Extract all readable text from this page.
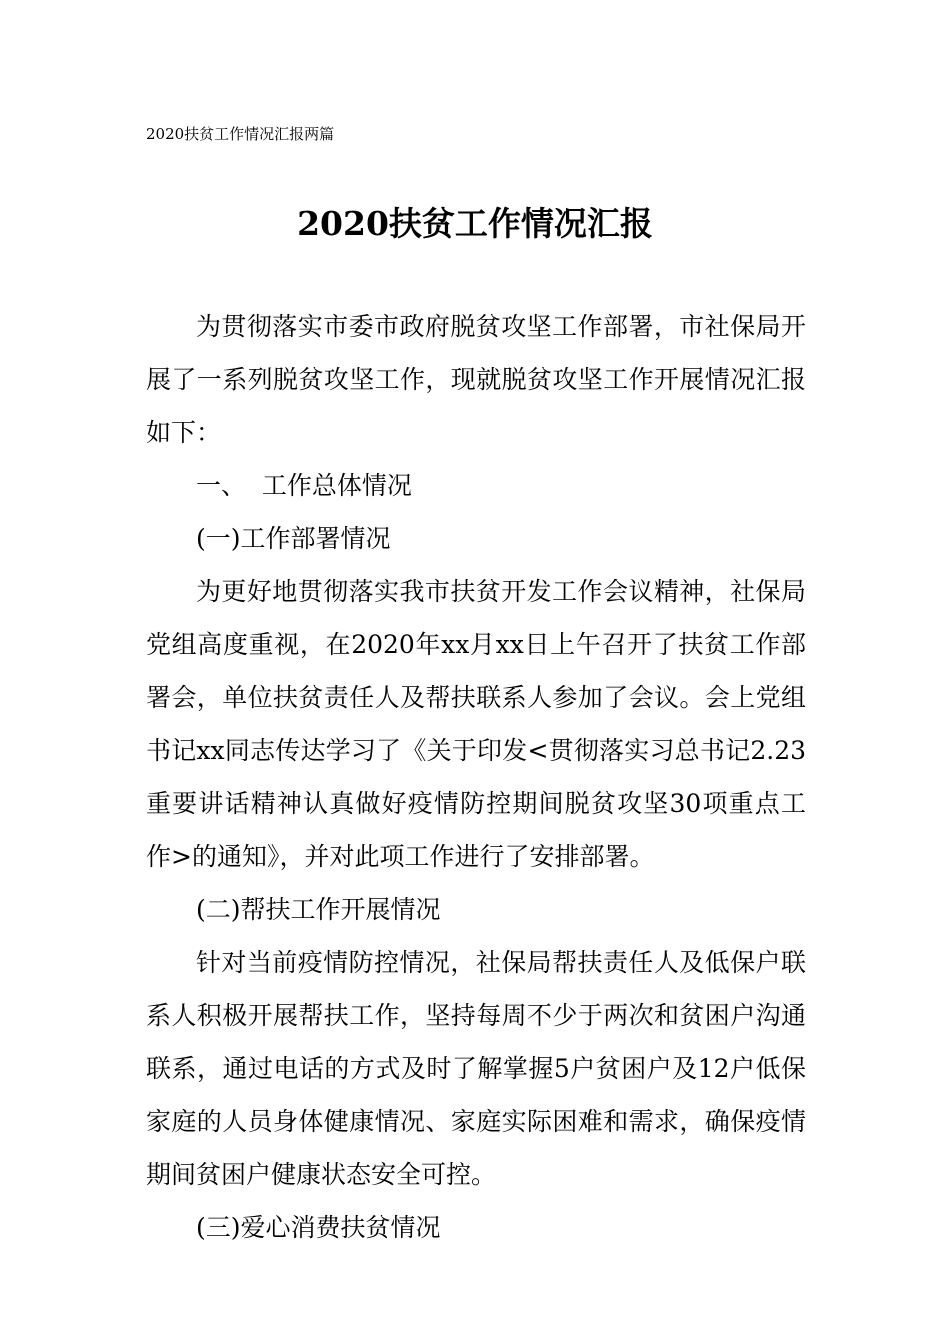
2020扶贫工作情况汇报两篇
2020扶贫工作情况汇报
为贯彻落实市委市政府脱贫攻坚工作部署，市社保局开
展了一系列脱贫攻坚工作，现就脱贫攻坚工作开展情况汇报
如下：
一、  工作总体情况
(一)工作部署情况
为更好地贯彻落实我市扶贫开发工作会议精神，社保局
党组高度重视，在2020年xx月xx日上午召开了扶贫工作部
署会，单位扶贫责任人及帮扶联系人参加了会议。会上党组
书记xx同志传达学习了《关于印发<贯彻落实习总书记2.23
重要讲话精神认真做好疫情防控期间脱贫攻坚30项重点工
作>的通知》，并对此项工作进行了安排部署。
(二)帮扶工作开展情况
针对当前疫情防控情况，社保局帮扶责任人及低保户联
系人积极开展帮扶工作，坚持每周不少于两次和贫困户沟通
联系，通过电话的方式及时了解掌握5户贫困户及12户低保
家庭的人员身体健康情况、家庭实际困难和需求，确保疫情
期间贫困户健康状态安全可控。
(三)爱心消费扶贫情况
